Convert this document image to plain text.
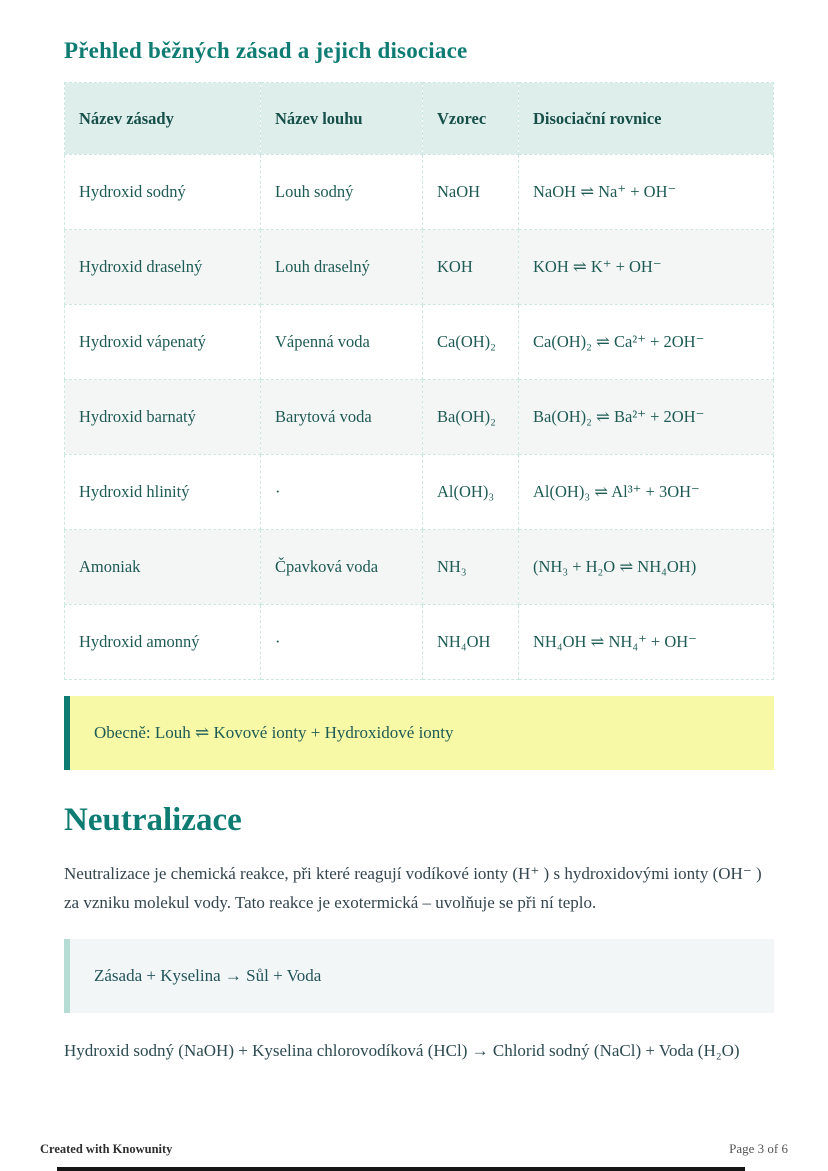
Přehled běžných zásad a jejich disociace
Název zásady	Název louhu	Vzorec	Disociační rovnice
Hydroxid sodný	Louh sodný	NaOH	NaOH ⇌ Na⁺ + OH⁻
Hydroxid draselný	Louh draselný	KOH	KOH ⇌ K⁺ + OH⁻
Hydroxid vápenatý	Vápenná voda	Ca(OH)₂	Ca(OH)₂ ⇌ Ca²⁺ + 2OH⁻
Hydroxid barnatý	Barytová voda	Ba(OH)₂	Ba(OH)₂ ⇌ Ba²⁺ + 2OH⁻
Hydroxid hlinitý	·	Al(OH)₃	Al(OH)₃ ⇌ Al³⁺ + 3OH⁻
Amoniak	Čpavková voda	NH₃	(NH₃ + H₂O ⇌ NH₄OH)
Hydroxid amonný	·	NH₄OH	NH₄OH ⇌ NH₄⁺ + OH⁻
Obecně: Louh ⇌ Kovové ionty + Hydroxidové ionty
Neutralizace

Neutralizace je chemická reakce, při které reagují vodíkové ionty (H⁺ ) s hydroxidovými ionty (OH⁻ ) za vzniku molekul vody. Tato reakce je exotermická – uvolňuje se při ní teplo.

Zásada + Kyselina → Sůl + Voda

Hydroxid sodný (NaOH) + Kyselina chlorovodíková (HCl) → Chlorid sodný (NaCl) + Voda (H₂O)

Created with Knowunity	Page 3 of 6
